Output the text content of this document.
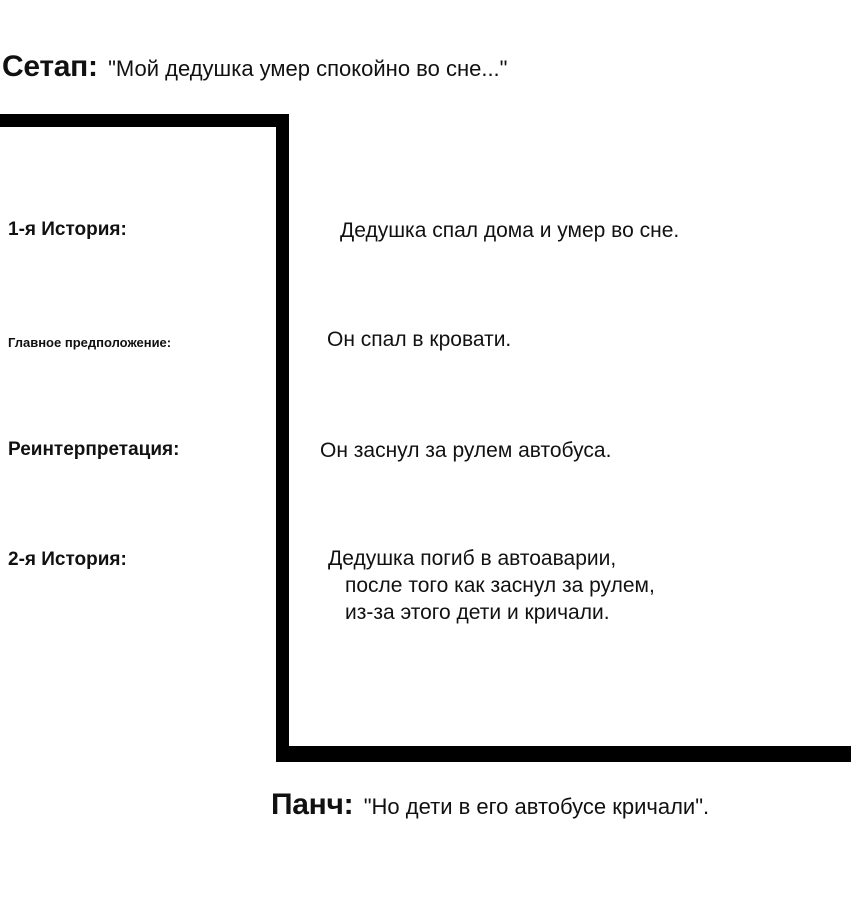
Сетап: "Мой дедушка умер спокойно во сне..."
1-я История:	Дедушка спал дома и умер во сне.
Главное предположение:	Он спал в кровати.
Реинтерпретация:	Он заснул за рулем автобуса.
2-я История:	Дедушка погиб в автоаварии,
после того как заснул за рулем,
из-за этого дети и кричали.
Панч: "Но дети в его автобусе кричали".
